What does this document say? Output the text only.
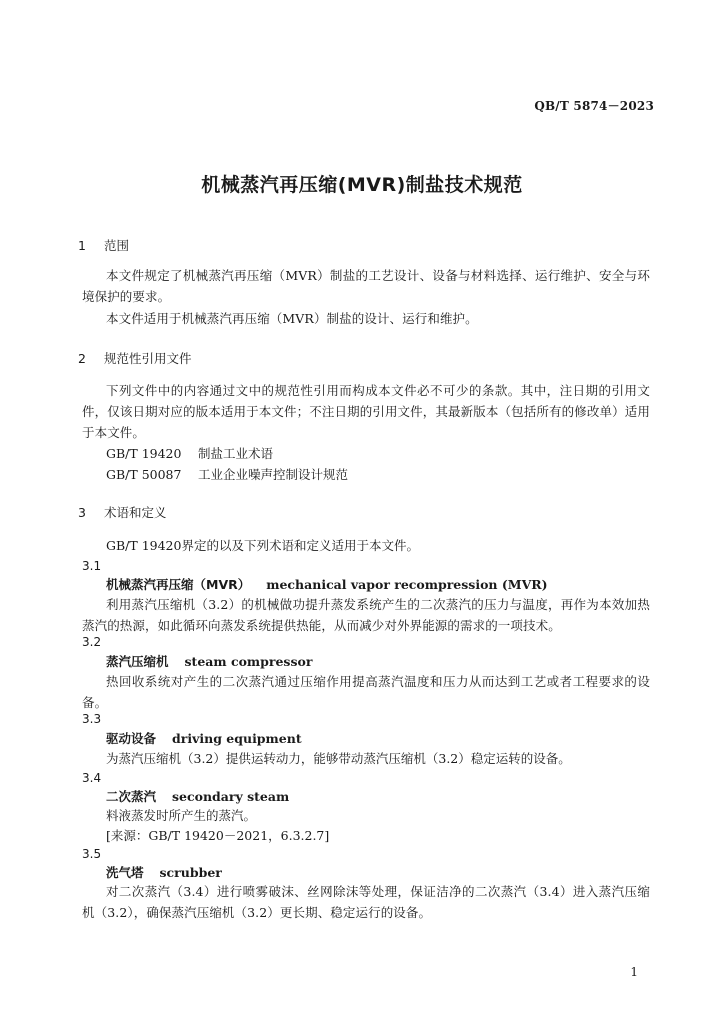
QB/T 5874－2023
机械蒸汽再压缩(MVR)制盐技术规范
1 范围

本文件规定了机械蒸汽再压缩（MVR）制盐的工艺设计、设备与材料选择、运行维护、安全与环境保护的要求。

本文件适用于机械蒸汽再压缩（MVR）制盐的设计、运行和维护。

2 规范性引用文件

下列文件中的内容通过文中的规范性引用而构成本文件必不可少的条款。其中，注日期的引用文件，仅该日期对应的版本适用于本文件；不注日期的引用文件，其最新版本（包括所有的修改单）适用于本文件。

GB/T 19420 制盐工业术语
GB/T 50087 工业企业噪声控制设计规范
3 术语和定义
GB/T 19420界定的以及下列术语和定义适用于本文件。
3.1
机械蒸汽再压缩（MVR） mechanical vapor recompression (MVR)

利用蒸汽压缩机（3.2）的机械做功提升蒸发系统产生的二次蒸汽的压力与温度，再作为本效加热蒸汽的热源，如此循环向蒸发系统提供热能，从而减少对外界能源的需求的一项技术。

3.2
蒸汽压缩机 steam compressor

热回收系统对产生的二次蒸汽通过压缩作用提高蒸汽温度和压力从而达到工艺或者工程要求的设备。

3.3
驱动设备 driving equipment
为蒸汽压缩机（3.2）提供运转动力，能够带动蒸汽压缩机（3.2）稳定运转的设备。
3.4
二次蒸汽 secondary steam
料液蒸发时所产生的蒸汽。
[来源：GB/T 19420－2021，6.3.2.7]
3.5
洗气塔 scrubber

对二次蒸汽（3.4）进行喷雾破沫、丝网除沫等处理，保证洁净的二次蒸汽（3.4）进入蒸汽压缩机（3.2），确保蒸汽压缩机（3.2）更长期、稳定运行的设备。

1
